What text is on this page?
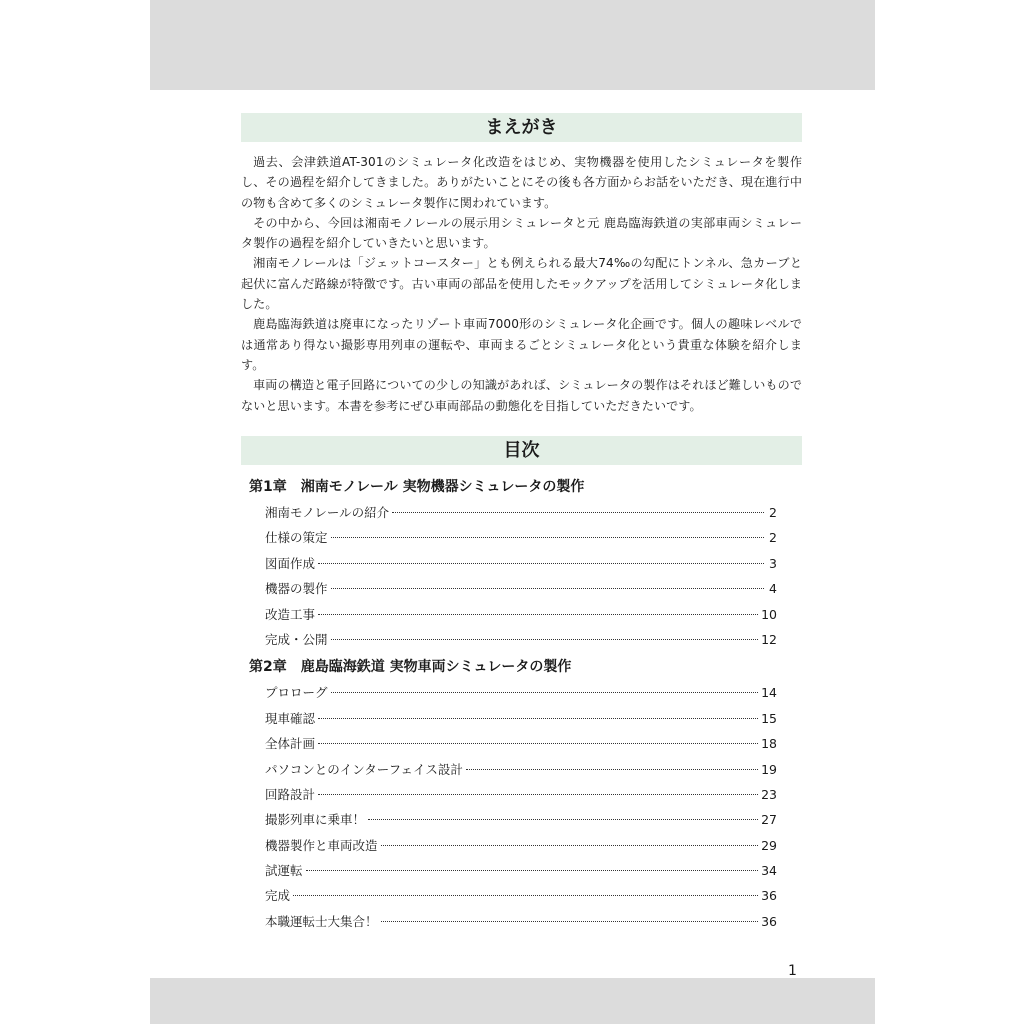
まえがき

過去、会津鉄道AT-301のシミュレータ化改造をはじめ、実物機器を使用したシミュレータを製作し、その過程を紹介してきました。ありがたいことにその後も各方面からお話をいただき、現在進行中の物も含めて多くのシミュレータ製作に関われています。

その中から、今回は湘南モノレールの展示用シミュレータと元 鹿島臨海鉄道の実部車両シミュレータ製作の過程を紹介していきたいと思います。

湘南モノレールは「ジェットコースター」とも例えられる最大74‰の勾配にトンネル、急カーブと起伏に富んだ路線が特徴です。古い車両の部品を使用したモックアップを活用してシミュレータ化しました。

鹿島臨海鉄道は廃車になったリゾート車両7000形のシミュレータ化企画です。個人の趣味レベルでは通常あり得ない撮影専用列車の運転や、車両まるごとシミュレータ化という貴重な体験を紹介します。

車両の構造と電子回路についての少しの知識があれば、シミュレータの製作はそれほど難しいものでないと思います。本書を参考にぜひ車両部品の動態化を目指していただきたいです。

目次
第1章　湘南モノレール 実物機器シミュレータの製作
湘南モノレールの紹介	2
仕様の策定	2
図面作成	3
機器の製作	4
改造工事	10
完成・公開	12
第2章　鹿島臨海鉄道 実物車両シミュレータの製作
プロローグ	14
現車確認	15
全体計画	18
パソコンとのインターフェイス設計	19
回路設計	23
撮影列車に乗車！	27
機器製作と車両改造	29
試運転	34
完成	36
本職運転士大集合！	36
1
